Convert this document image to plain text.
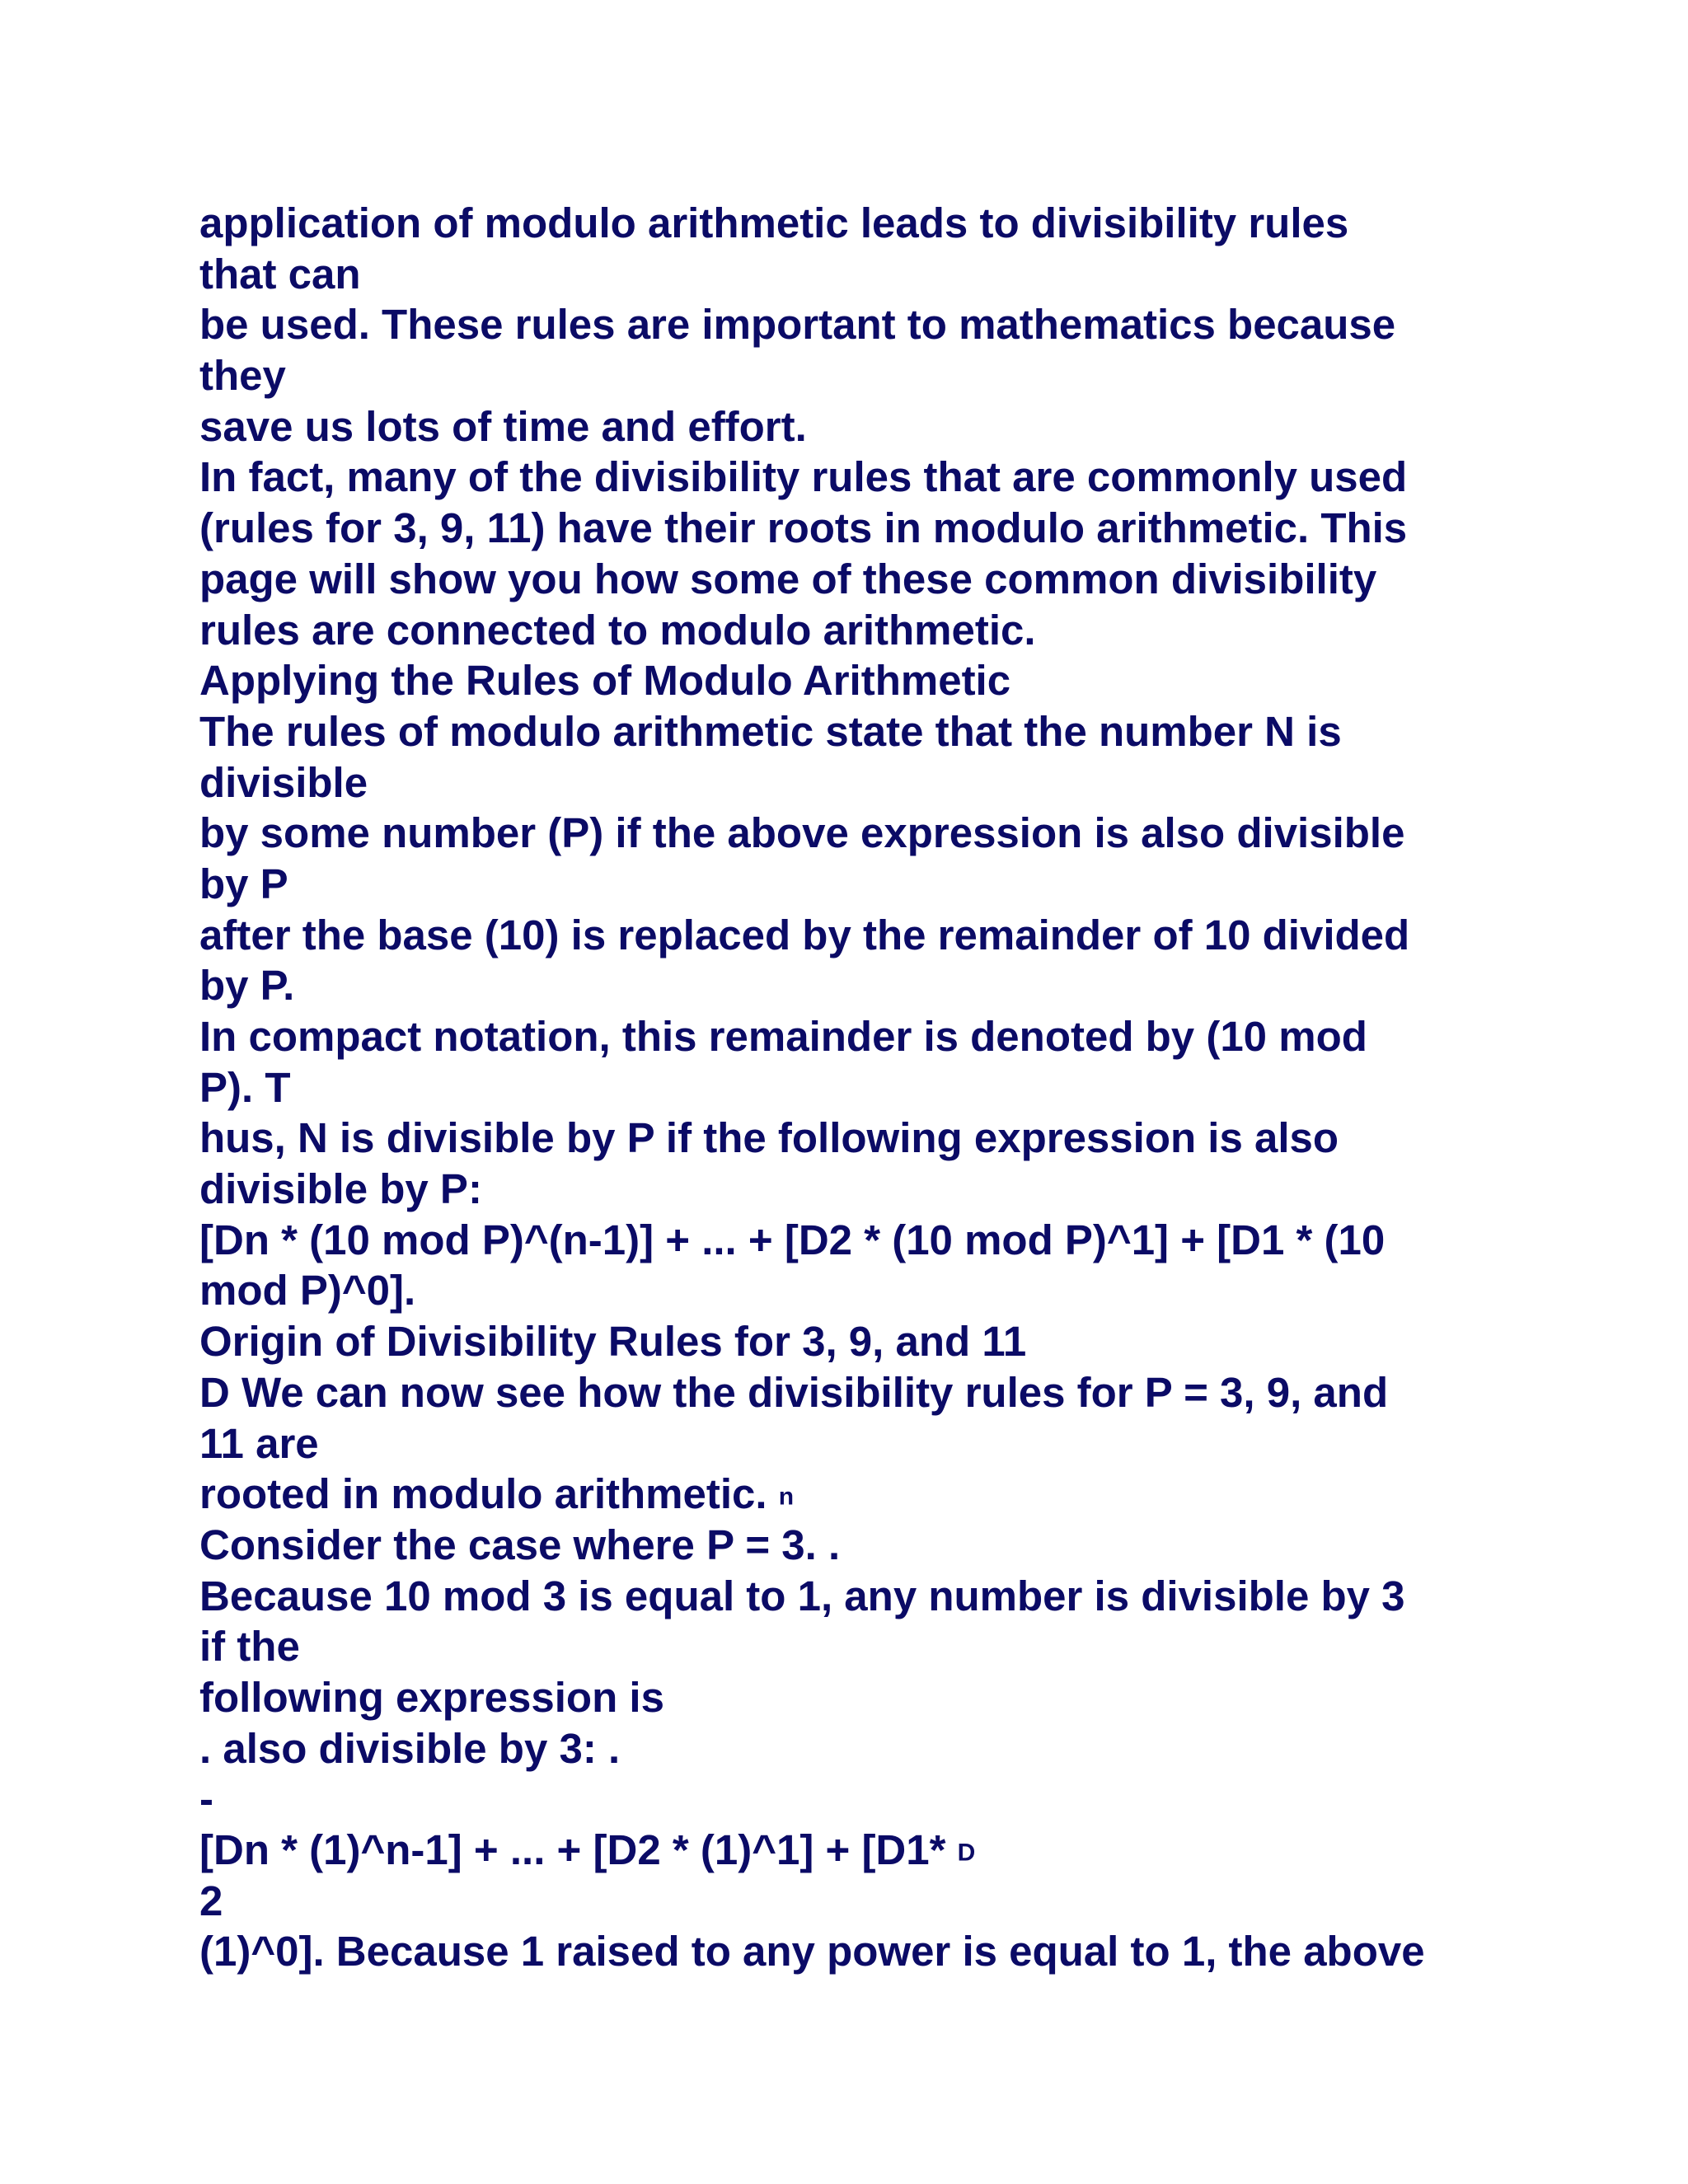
application of modulo arithmetic leads to divisibility rules
that can
be used. These rules are important to mathematics because
they
save us lots of time and effort.
In fact, many of the divisibility rules that are commonly used
(rules for 3, 9, 11) have their roots in modulo arithmetic. This
page will show you how some of these common divisibility
rules are connected to modulo arithmetic.
Applying the Rules of Modulo Arithmetic
The rules of modulo arithmetic state that the number N is
divisible
by some number (P) if the above expression is also divisible
by P
after the base (10) is replaced by the remainder of 10 divided
by P.
In compact notation, this remainder is denoted by (10 mod
P). T
hus, N is divisible by P if the following expression is also
divisible by P:
[Dn * (10 mod P)^(n-1)] + ... + [D2 * (10 mod P)^1] + [D1 * (10
mod P)^0].
Origin of Divisibility Rules for 3, 9, and 11
D We can now see how the divisibility rules for P = 3, 9, and
11 are
rooted in modulo arithmetic. n
Consider the case where P = 3. .
Because 10 mod 3 is equal to 1, any number is divisible by 3
if the
following expression is
. also divisible by 3: .
-
[Dn * (1)^n-1] + ... + [D2 * (1)^1] + [D1* D
2
(1)^0]. Because 1 raised to any power is equal to 1, the above
